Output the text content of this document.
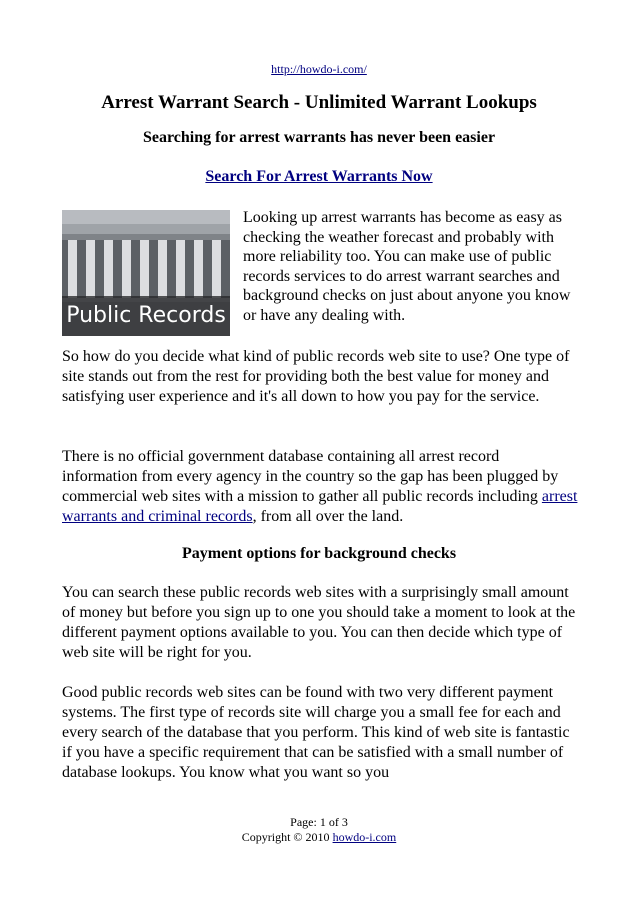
http://howdo-i.com/
Arrest Warrant Search - Unlimited Warrant Lookups
Searching for arrest warrants has never been easier
Search For Arrest Warrants Now
Public Records
Looking up arrest warrants has become as easy as checking the weather forecast and probably with more reliability too. You can make use of public records services to do arrest warrant searches and background checks on just about anyone you know or have any dealing with.

So how do you decide what kind of public records web site to use? One type of site stands out from the rest for providing both the best value for money and satisfying user experience and it's all down to how you pay for the service.

There is no official government database containing all arrest record information from every agency in the country so the gap has been plugged by commercial web sites with a mission to gather all public records including arrest warrants and criminal records, from all over the land.

Payment options for background checks

You can search these public records web sites with a surprisingly small amount of money but before you sign up to one you should take a moment to look at the different payment options available to you. You can then decide which type of web site will be right for you.

Good public records web sites can be found with two very different payment systems. The first type of records site will charge you a small fee for each and every search of the database that you perform. This kind of web site is fantastic if you have a specific requirement that can be satisfied with a small number of database lookups. You know what you want so you

Page: 1 of 3
Copyright © 2010 howdo-i.com
